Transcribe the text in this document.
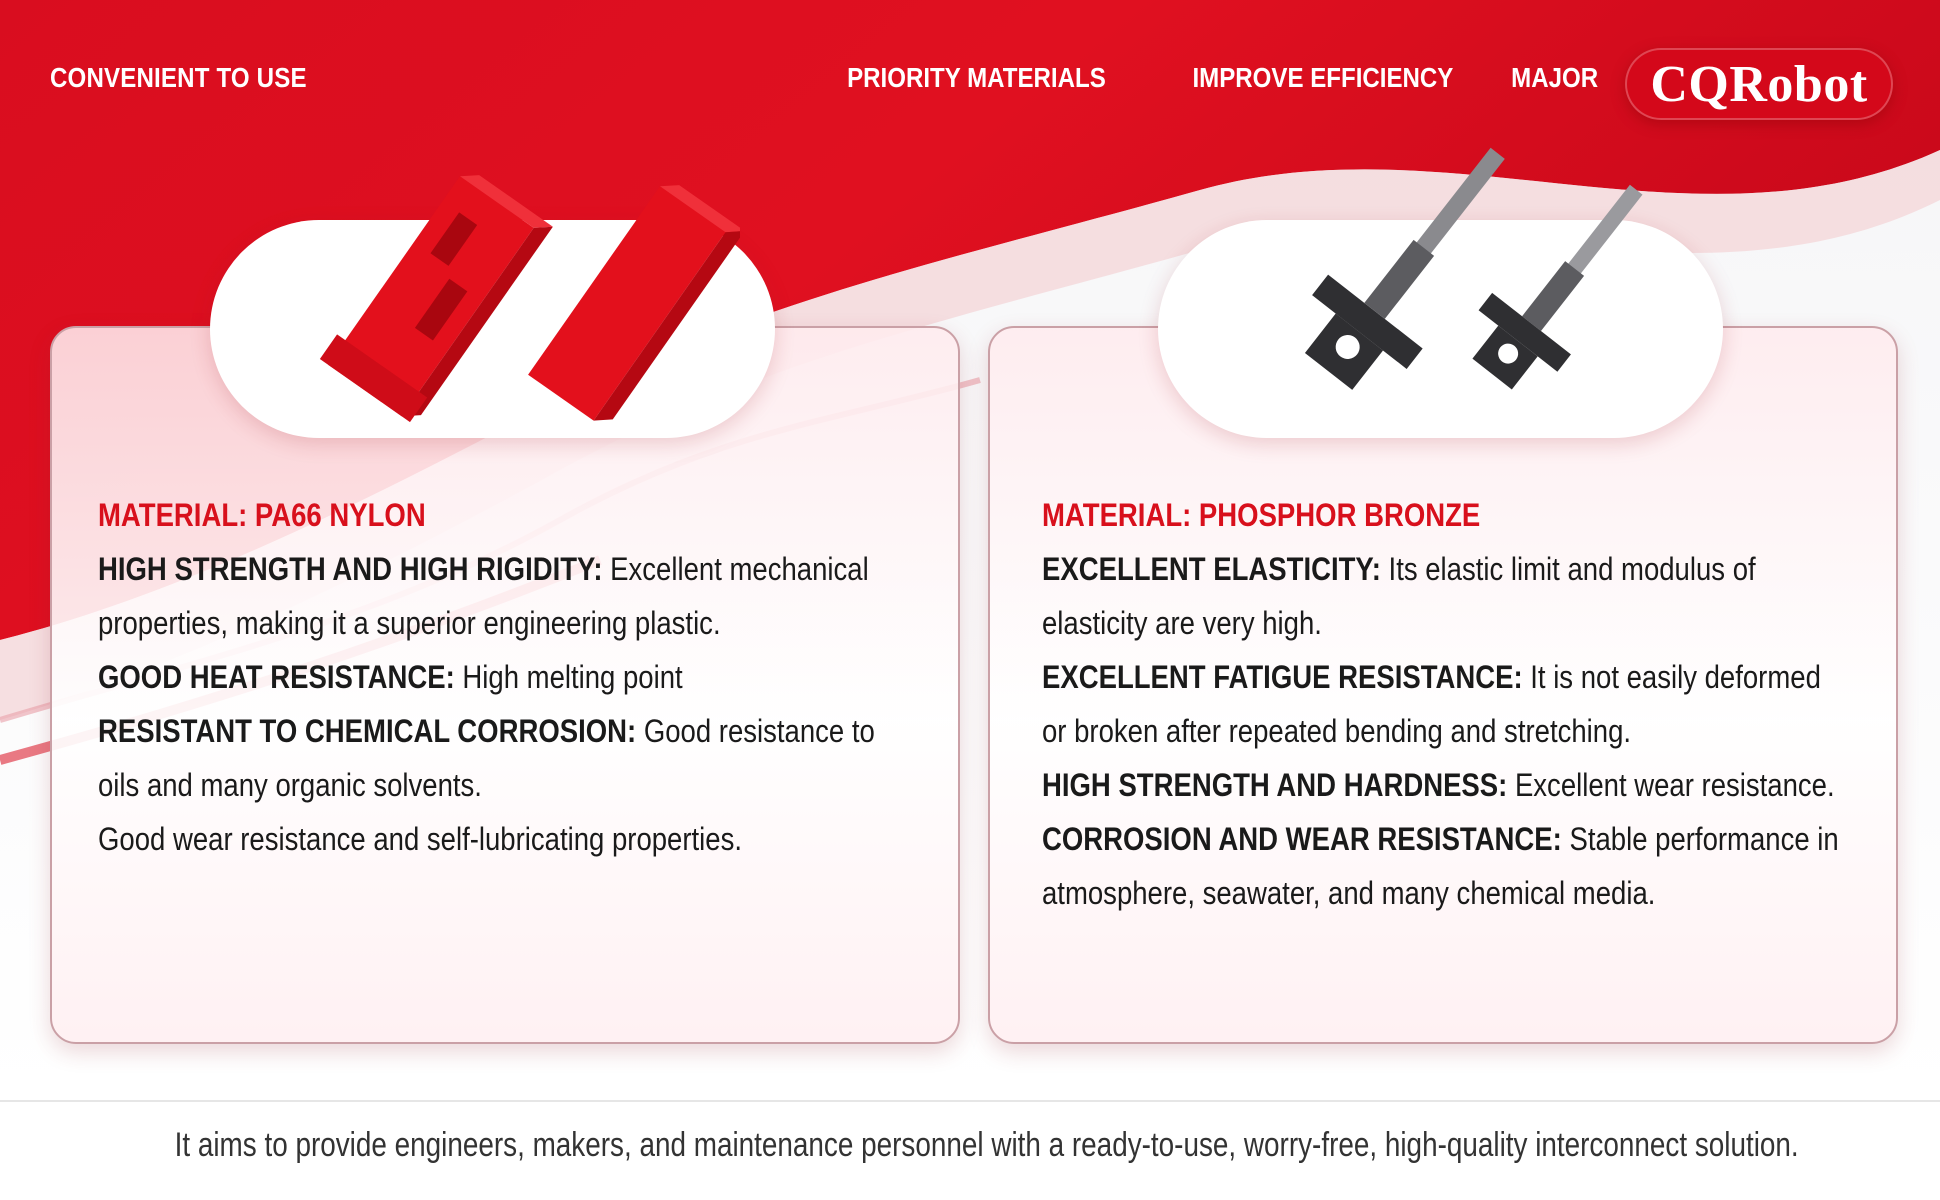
CONVENIENT TO USE	PRIORITY MATERIALS	IMPROVE EFFICIENCY MAJOR CQRobot
MATERIAL: PA66 NYLON
HIGH STRENGTH AND HIGH RIGIDITY: Excellent mechanical properties, making it a superior engineering plastic.
GOOD HEAT RESISTANCE: High melting point
RESISTANT TO CHEMICAL CORROSION: Good resistance to oils and many organic solvents.
Good wear resistance and self-lubricating properties.
MATERIAL: PHOSPHOR BRONZE
EXCELLENT ELASTICITY: Its elastic limit and modulus of elasticity are very high.
EXCELLENT FATIGUE RESISTANCE: It is not easily deformed or broken after repeated bending and stretching.
HIGH STRENGTH AND HARDNESS: Excellent wear resistance.
CORROSION AND WEAR RESISTANCE: Stable performance in atmosphere, seawater, and many chemical media.
It aims to provide engineers, makers, and maintenance personnel with a ready-to-use, worry-free, high-quality interconnect solution.
